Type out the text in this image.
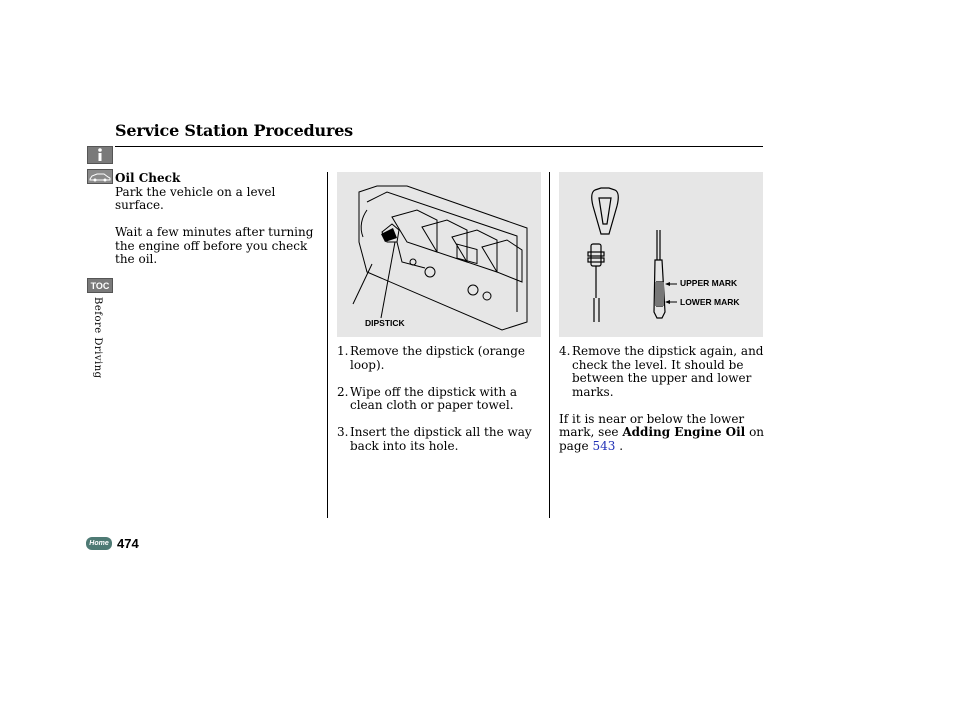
Service Station Procedures
TOC
Before Driving
Oil Check
Park the vehicle on a level surface.
Wait a few minutes after turning the engine off before you check the oil.
DIPSTICK
UPPER MARK
LOWER MARK
1. Remove the dipstick (orange loop).
2. Wipe off the dipstick with a clean cloth or paper towel.
3. Insert the dipstick all the way back into its hole.
4. Remove the dipstick again, and check the level. It should be between the upper and lower marks.
If it is near or below the lower mark, see Adding Engine Oil on page 543 .
Home 474
